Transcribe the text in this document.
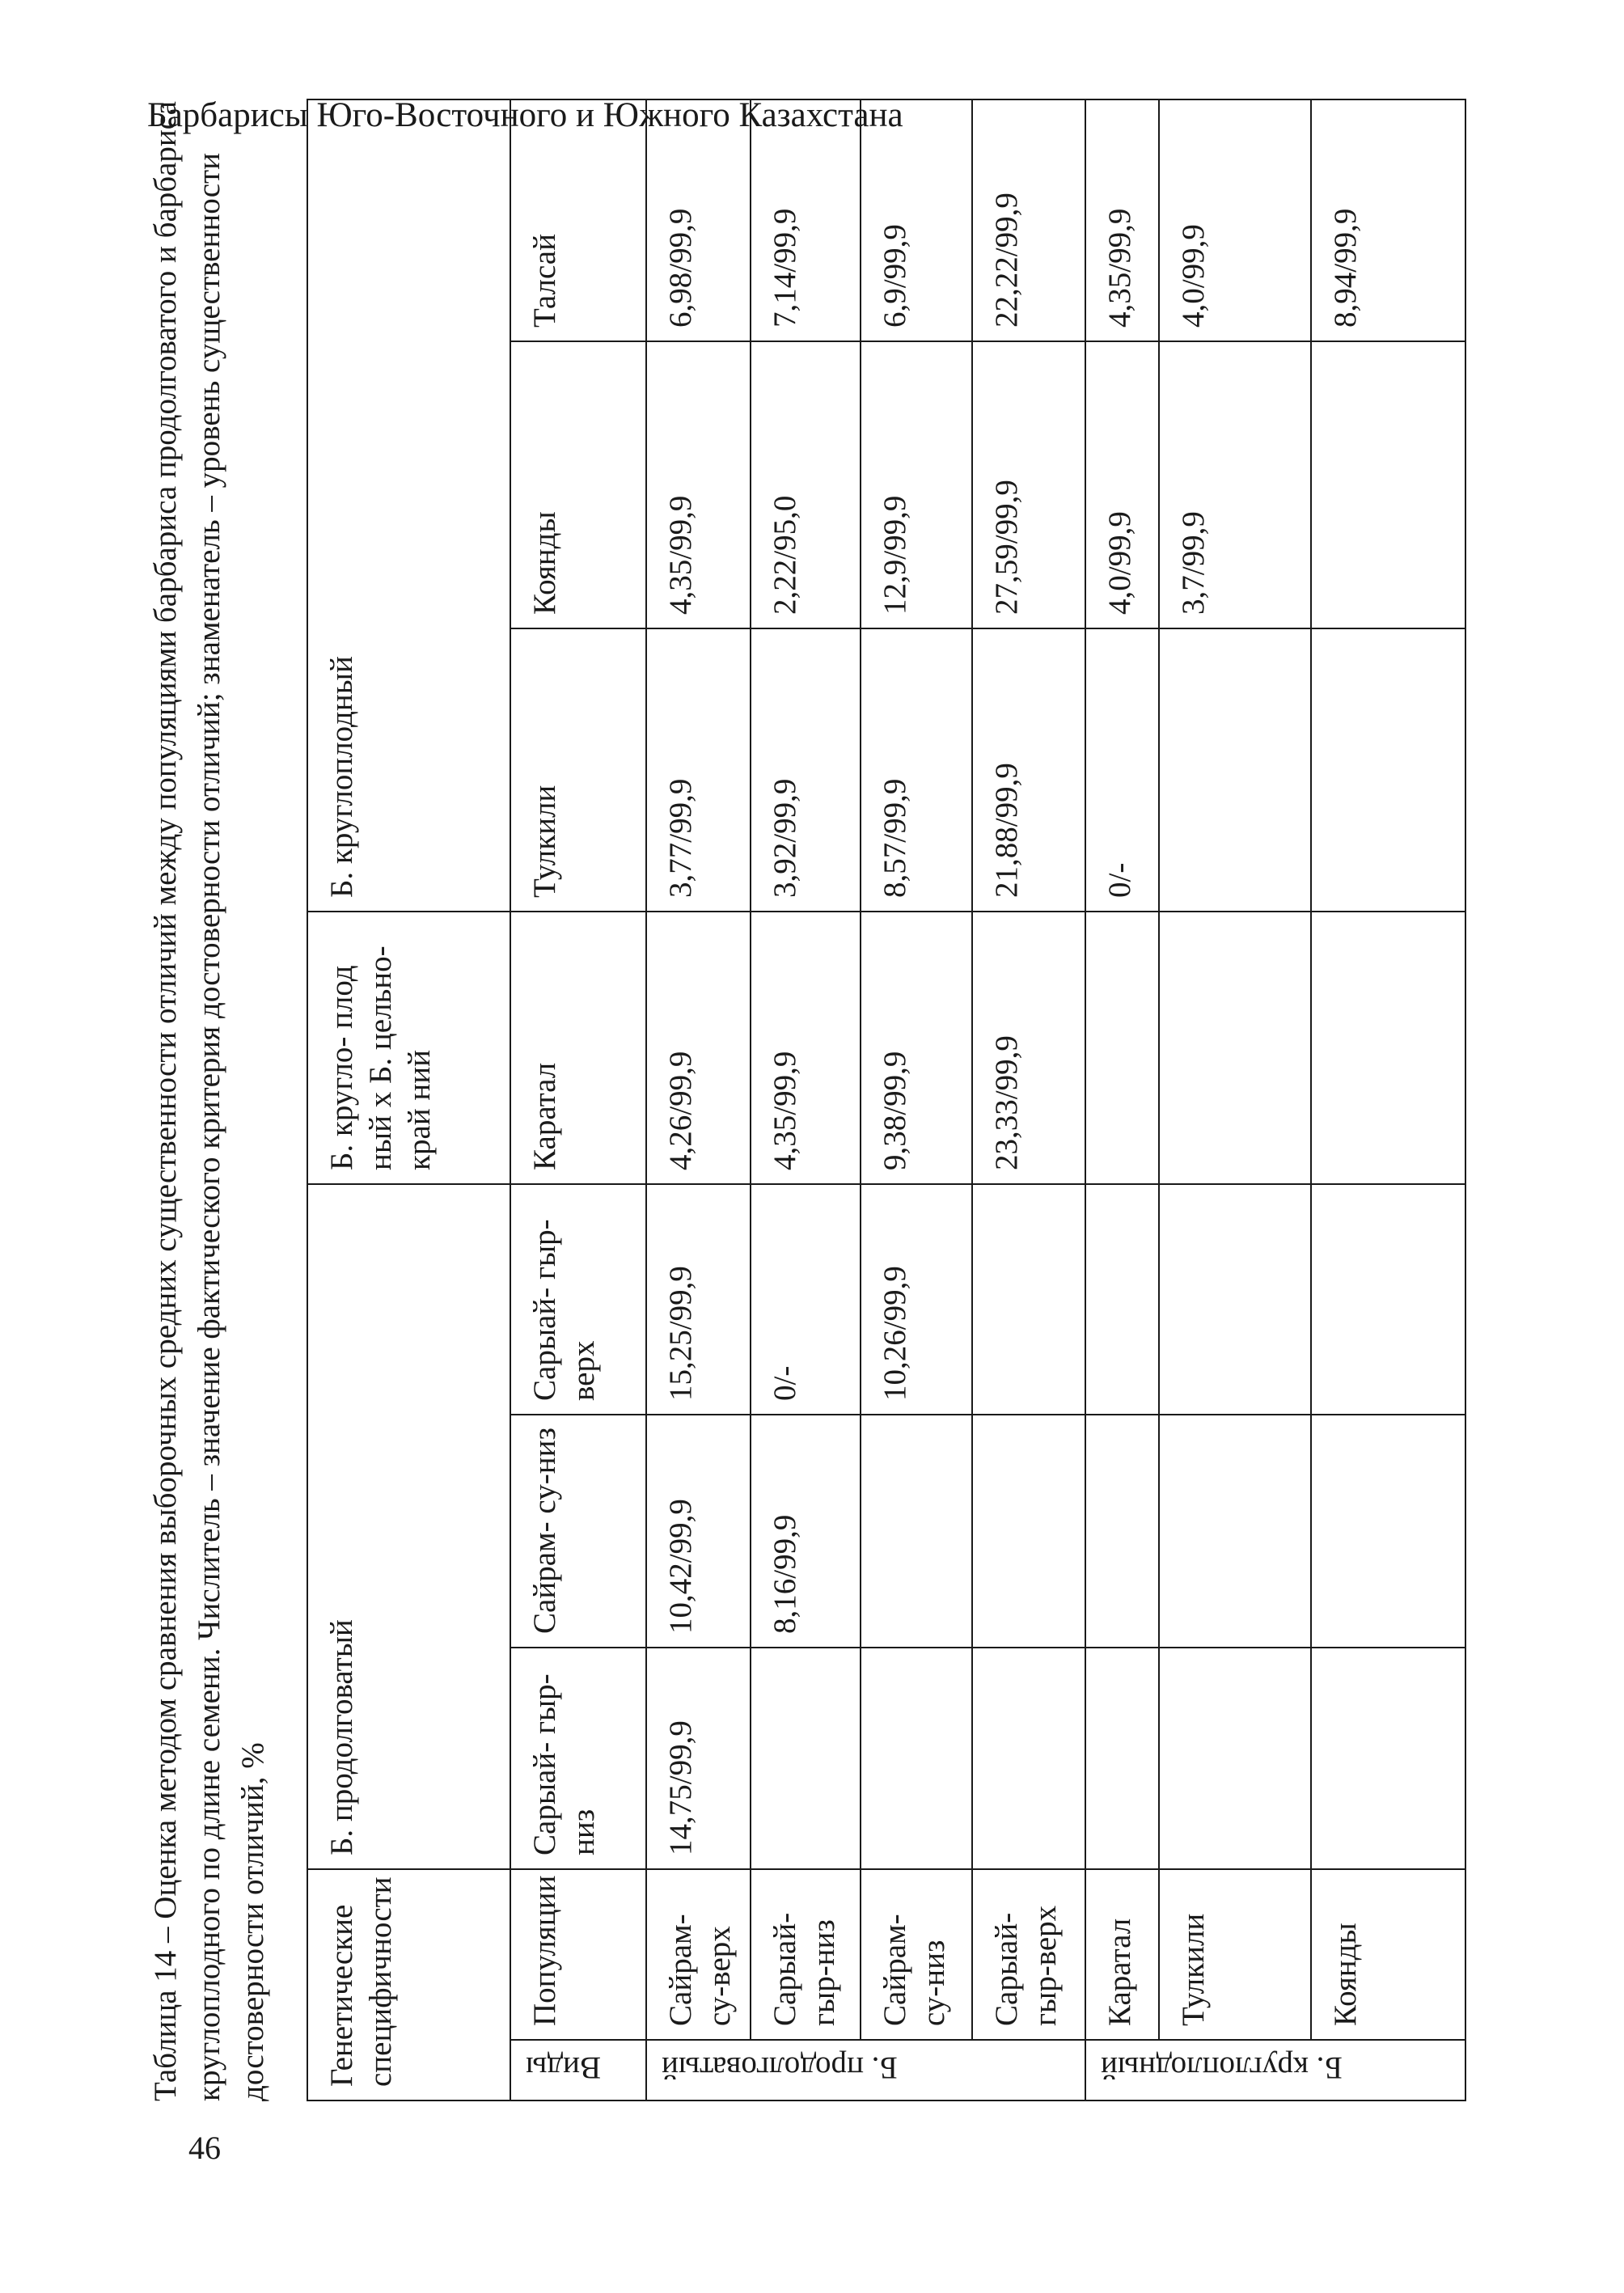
Барбарисы Юго-Восточного и Южного Казахстана
Таблица 14 – Оценка методом сравнения выборочных средних существенности отличий между популяциями барбариса продолговатого и барбариса круглоплодного по длине семени. Числитель – значение фактического критерия достоверности отличий; знаменатель – уровень существенности достоверности отличий, % Генетические специфичности		Б. продолговатый			Б. кругло- плод ный х Б. цельно- край ний	Б. круглоплодный		
Виды	Популяции	Сарыай- гыр-низ	Сайрам- су-низ	Сарыай- гыр-верх	Каратал	Тулкили	Коянды	Талсай
Б. продолговатый	Сайрам- су-верх	14,75/99,9	10,42/99,9	15,25/99,9	4,26/99,9	3,77/99,9	4,35/99,9	6,98/99,9
	Сарыай- гыр-низ		8,16/99,9	0/-	4,35/99,9	3,92/99,9	2,22/95,0	7,14/99,9
	Сайрам- су-низ			10,26/99,9	9,38/99,9	8,57/99,9	12,9/99,9	6,9/99,9
	Сарыай- гыр-верх				23,33/99,9	21,88/99,9	27,59/99,9	22,22/99,9
Б. круглоплодный	Каратал					0/-	4,0/99,9	4,35/99,9
	Тулкили						3,7/99,9	4,0/99,9
	Коянды							8,94/99,9
46
